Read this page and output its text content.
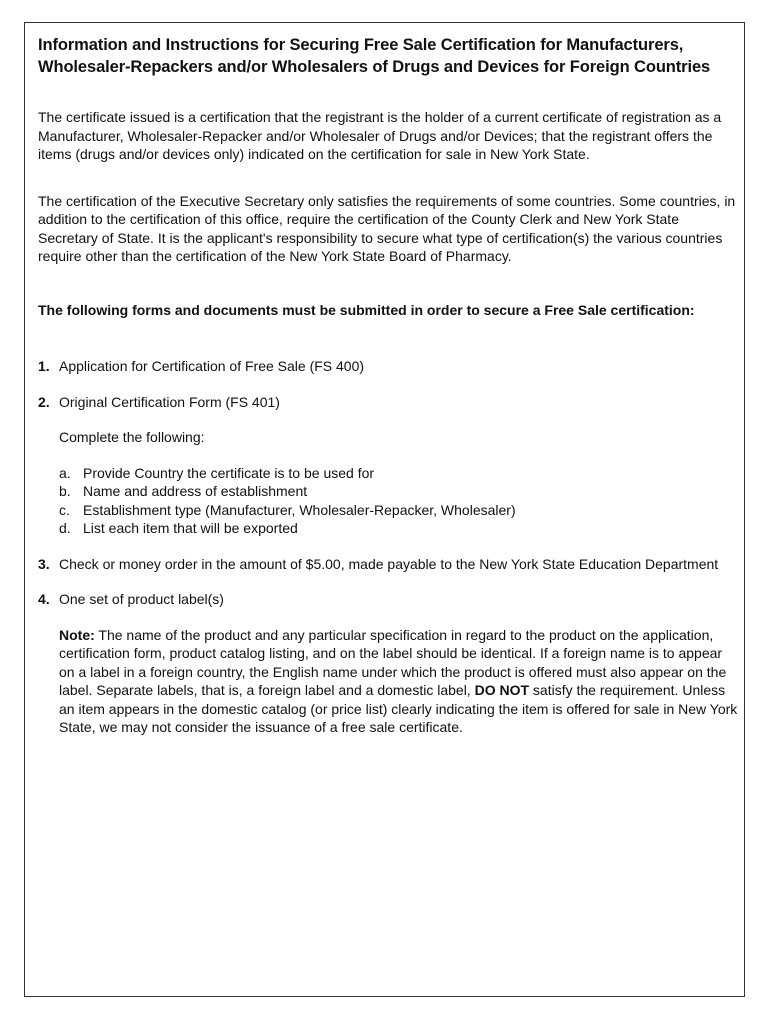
Information and Instructions for Securing Free Sale Certification for Manufacturers, Wholesaler-Repackers and/or Wholesalers of Drugs and Devices for Foreign Countries

The certificate issued is a certification that the registrant is the holder of a current certificate of registration as a Manufacturer, Wholesaler-Repacker and/or Wholesaler of Drugs and/or Devices; that the registrant offers the items (drugs and/or devices only) indicated on the certification for sale in New York State.

The certification of the Executive Secretary only satisfies the requirements of some countries. Some countries, in addition to the certification of this office, require the certification of the County Clerk and New York State Secretary of State. It is the applicant's responsibility to secure what type of certification(s) the various countries require other than the certification of the New York State Board of Pharmacy.

The following forms and documents must be submitted in order to secure a Free Sale certification:

1. Application for Certification of Free Sale (FS 400)
2. Original Certification Form (FS 401)
Complete the following:
a. Provide Country the certificate is to be used for
b. Name and address of establishment
c. Establishment type (Manufacturer, Wholesaler-Repacker, Wholesaler)
d. List each item that will be exported
3. Check or money order in the amount of $5.00, made payable to the New York State Education Department
4. One set of product label(s)
Note: The name of the product and any particular specification in regard to the product on the application, certification form, product catalog listing, and on the label should be identical. If a foreign name is to appear on a label in a foreign country, the English name under which the product is offered must also appear on the label. Separate labels, that is, a foreign label and a domestic label, DO NOT satisfy the requirement. Unless an item appears in the domestic catalog (or price list) clearly indicating the item is offered for sale in New York State, we may not consider the issuance of a free sale certificate.
